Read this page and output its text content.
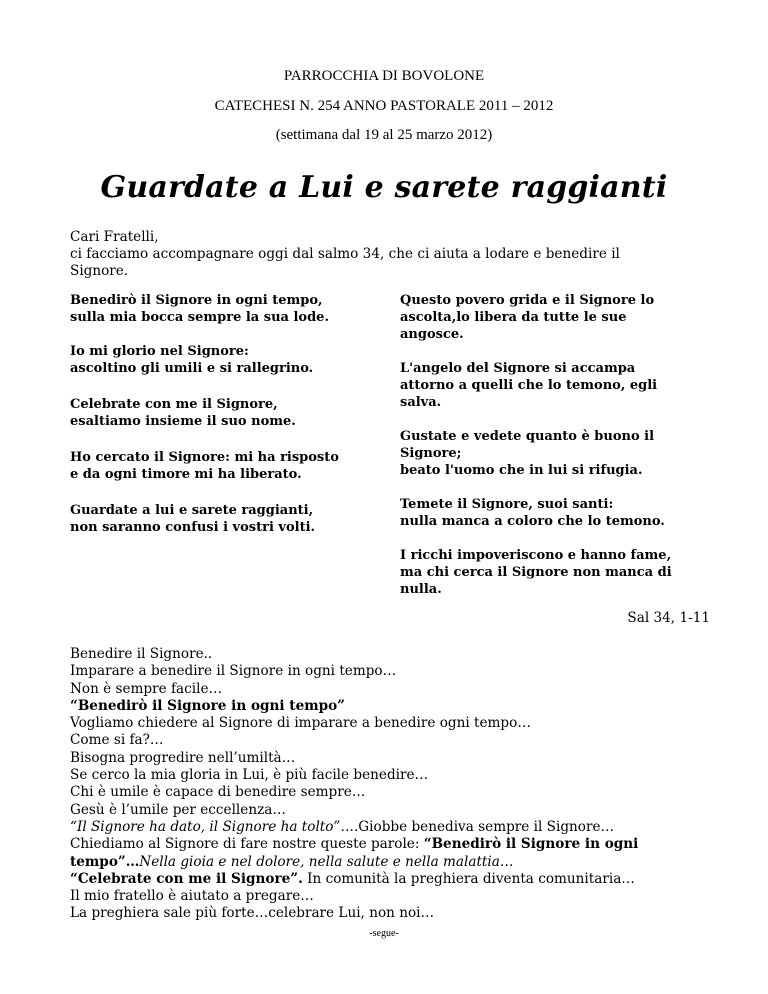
PARROCCHIA DI BOVOLONE
CATECHESI N. 254 ANNO PASTORALE 2011 – 2012
(settimana dal 19 al 25 marzo 2012)
Guardate a Lui e sarete raggianti
Cari Fratelli,
ci facciamo accompagnare oggi dal salmo 34, che ci aiuta a lodare e benedire il
Signore.
Benedirò il Signore in ogni tempo,
sulla mia bocca sempre la sua lode.
Io mi glorio nel Signore:
ascoltino gli umili e si rallegrino.
Celebrate con me il Signore,
esaltiamo insieme il suo nome.
Ho cercato il Signore: mi ha risposto
e da ogni timore mi ha liberato.
Guardate a lui e sarete raggianti,
non saranno confusi i vostri volti.
Questo povero grida e il Signore lo
ascolta,lo libera da tutte le sue
angosce.
L'angelo del Signore si accampa
attorno a quelli che lo temono, egli
salva.
Gustate e vedete quanto è buono il
Signore;
beato l'uomo che in lui si rifugia.
Temete il Signore, suoi santi:
nulla manca a coloro che lo temono.
I ricchi impoveriscono e hanno fame,
ma chi cerca il Signore non manca di
nulla.
Sal 34, 1-11
Benedire il Signore..
Imparare a benedire il Signore in ogni tempo…
Non è sempre facile…
“Benedirò il Signore in ogni tempo”
Vogliamo chiedere al Signore di imparare a benedire ogni tempo…
Come si fa?…
Bisogna progredire nell’umiltà…
Se cerco la mia gloria in Lui, è più facile benedire…
Chi è umile è capace di benedire sempre…
Gesù è l’umile per eccellenza…
“Il Signore ha dato, il Signore ha tolto”….Giobbe benediva sempre il Signore…
Chiediamo al Signore di fare nostre queste parole: “Benedirò il Signore in ogni
tempo”…Nella gioia e nel dolore, nella salute e nella malattia…
“Celebrate con me il Signore”. In comunità la preghiera diventa comunitaria…
Il mio fratello è aiutato a pregare…
La preghiera sale più forte…celebrare Lui, non noi…
-segue-
